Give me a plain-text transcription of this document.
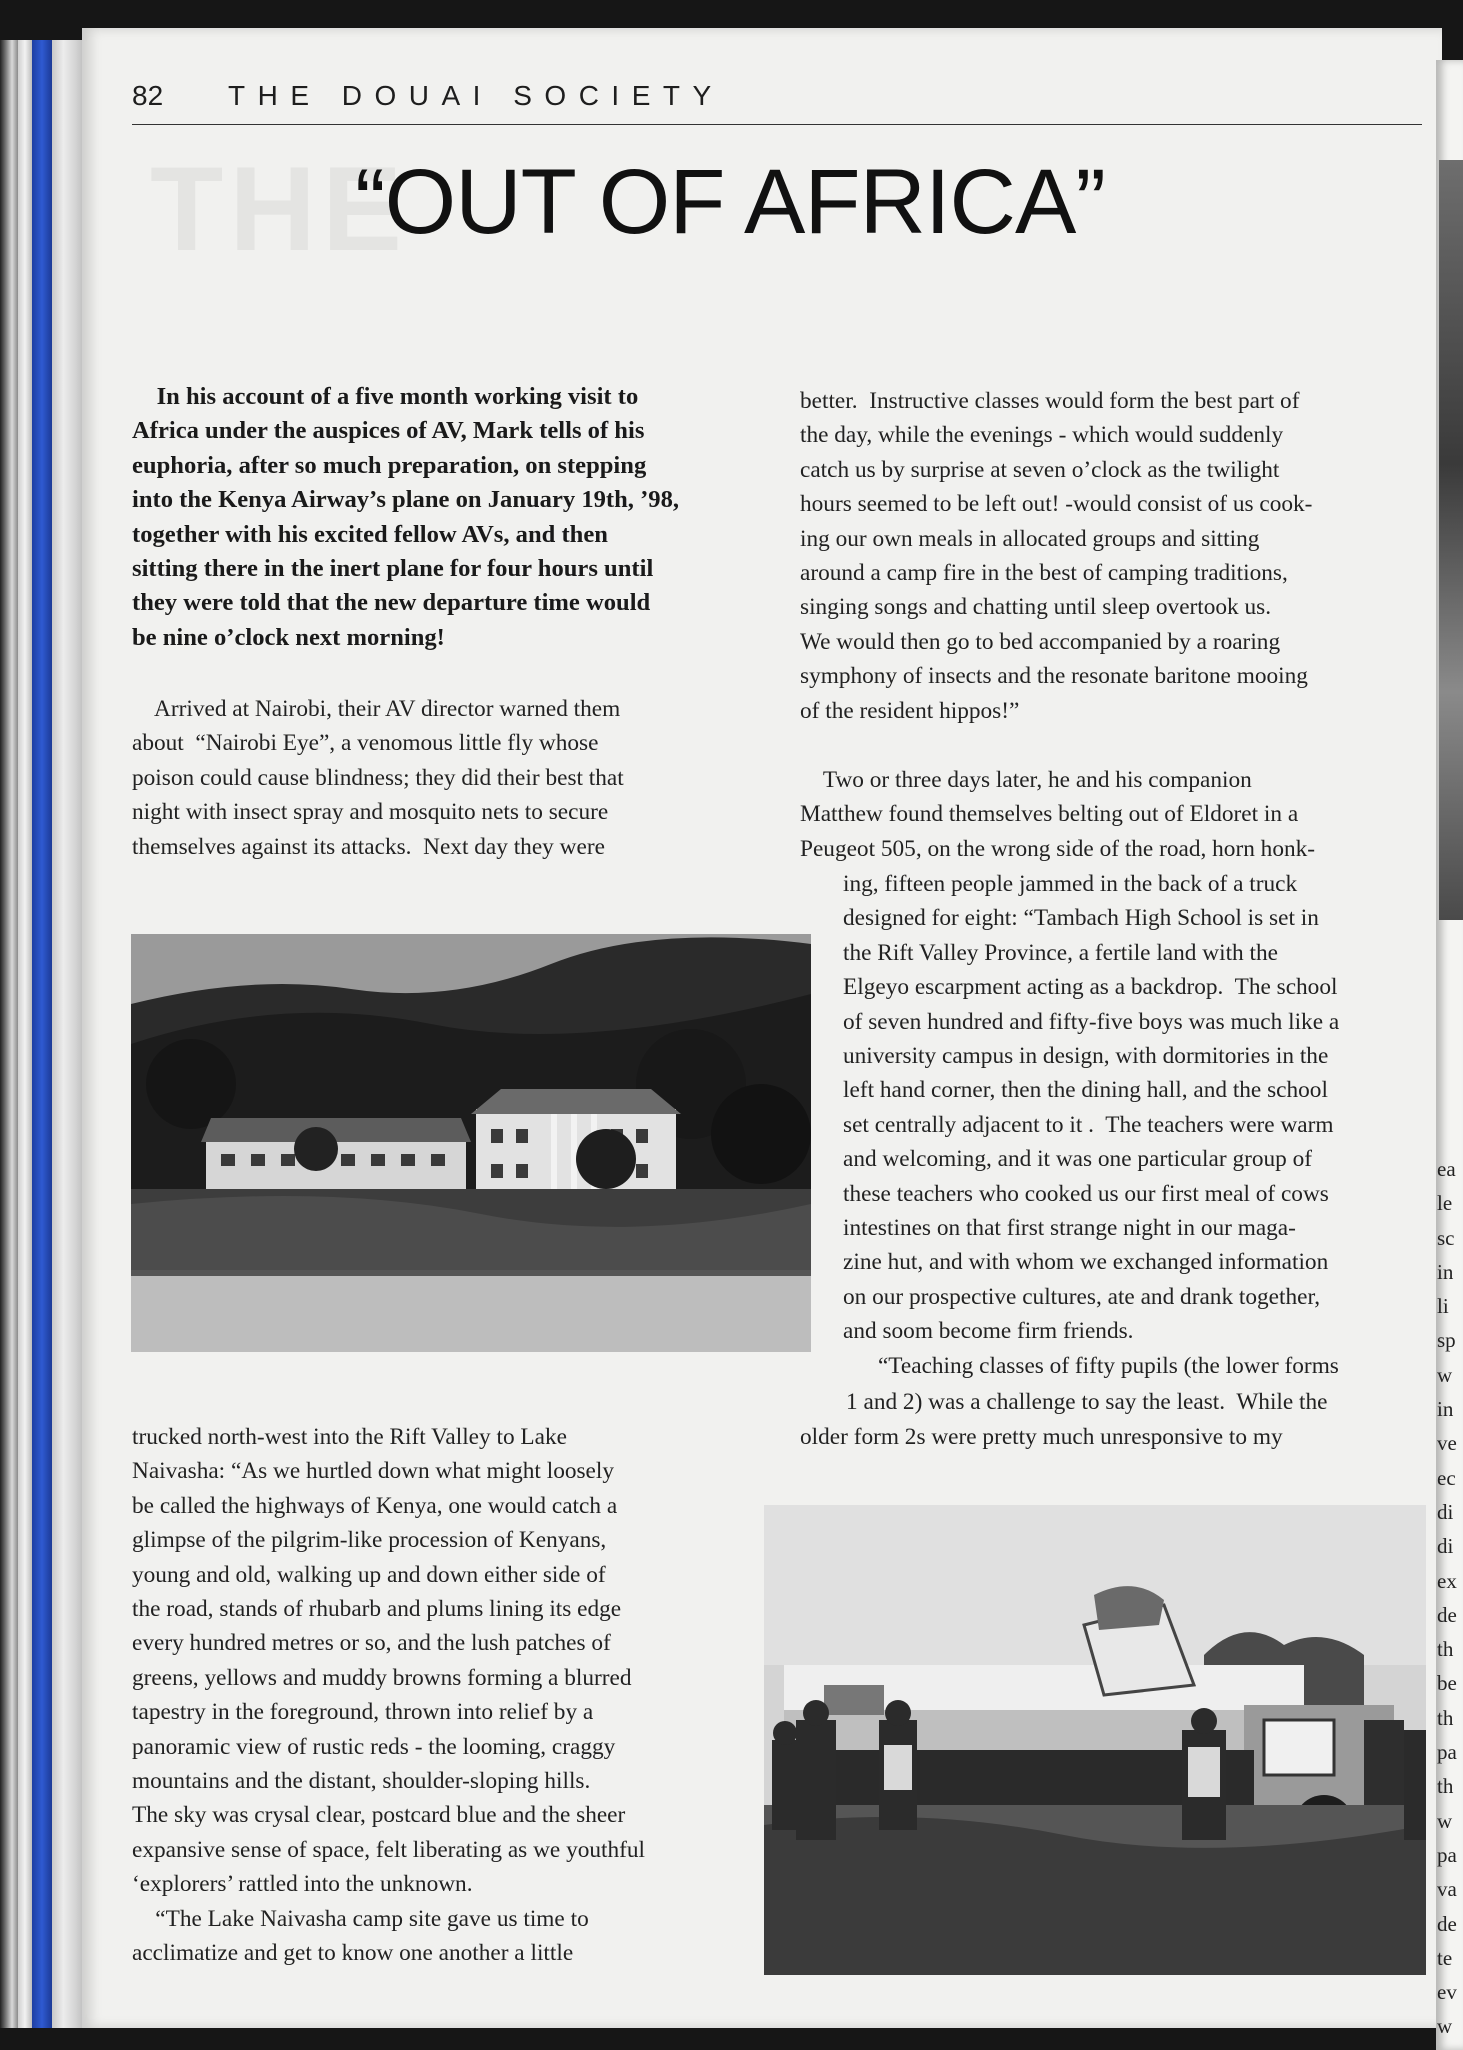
ea
le
sc
in
li
sp
w
in
ve
ec
di
di
ex
de
th
be
th
pa
th
w
pa
va
de
te
ev
w
82 THE DOUAI SOCIETY
THE
“OUT OF AFRICA”
In his account of a five month working visit to
Africa under the auspices of AV, Mark tells of his
euphoria, after so much preparation, on stepping
into the Kenya Airway’s plane on January 19th, ’98,
together with his excited fellow AVs, and then
sitting there in the inert plane for four hours until
they were told that the new departure time would
be nine o’clock next morning!
Arrived at Nairobi, their AV director warned them
about  “Nairobi Eye”, a venomous little fly whose
poison could cause blindness; they did their best that
night with insect spray and mosquito nets to secure
themselves against its attacks.  Next day they were
trucked north-west into the Rift Valley to Lake
Naivasha: “As we hurtled down what might loosely
be called the highways of Kenya, one would catch a
glimpse of the pilgrim-like procession of Kenyans,
young and old, walking up and down either side of
the road, stands of rhubarb and plums lining its edge
every hundred metres or so, and the lush patches of
greens, yellows and muddy browns forming a blurred
tapestry in the foreground, thrown into relief by a
panoramic view of rustic reds - the looming, craggy
mountains and the distant, shoulder-sloping hills.
The sky was crysal clear, postcard blue and the sheer
expansive sense of space, felt liberating as we youthful
‘explorers’ rattled into the unknown.
“The Lake Naivasha camp site gave us time to
acclimatize and get to know one another a little
better.  Instructive classes would form the best part of
the day, while the evenings - which would suddenly
catch us by surprise at seven o’clock as the twilight
hours seemed to be left out! -would consist of us cook-
ing our own meals in allocated groups and sitting
around a camp fire in the best of camping traditions,
singing songs and chatting until sleep overtook us.
We would then go to bed accompanied by a roaring
symphony of insects and the resonate baritone mooing
of the resident hippos!”
Two or three days later, he and his companion
Matthew found themselves belting out of Eldoret in a
Peugeot 505, on the wrong side of the road, horn honk-
ing, fifteen people jammed in the back of a truck
designed for eight: “Tambach High School is set in
the Rift Valley Province, a fertile land with the
Elgeyo escarpment acting as a backdrop.  The school
of seven hundred and fifty-five boys was much like a
university campus in design, with dormitories in the
left hand corner, then the dining hall, and the school
set centrally adjacent to it .  The teachers were warm
and welcoming, and it was one particular group of
these teachers who cooked us our first meal of cows
intestines on that first strange night in our maga-
zine hut, and with whom we exchanged information
on our prospective cultures, ate and drank together,
and soom become firm friends.
“Teaching classes of fifty pupils (the lower forms
1 and 2) was a challenge to say the least.  While the
older form 2s were pretty much unresponsive to my
